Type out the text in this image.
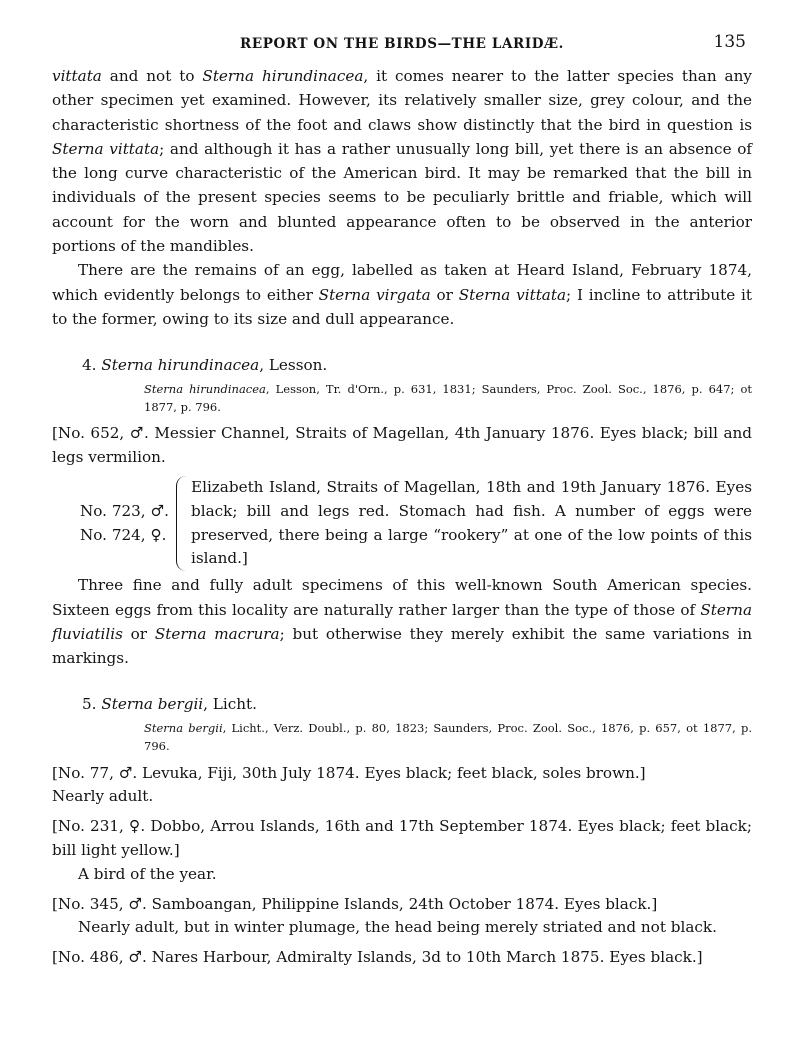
REPORT ON THE BIRDS—THE LARIDÆ.	135

vittata and not to Sterna hirundinacea, it comes nearer to the latter species than any other specimen yet examined. However, its relatively smaller size, grey colour, and the characteristic shortness of the foot and claws show distinctly that the bird in question is Sterna vittata; and although it has a rather unusually long bill, yet there is an absence of the long curve characteristic of the American bird. It may be remarked that the bill in individuals of the present species seems to be peculiarly brittle and friable, which will account for the worn and blunted appearance often to be observed in the anterior portions of the mandibles.

There are the remains of an egg, labelled as taken at Heard Island, February 1874, which evidently belongs to either Sterna virgata or Sterna vittata; I incline to attribute it to the former, owing to its size and dull appearance.

4. Sterna hirundinacea, Lesson.
Sterna hirundinacea, Lesson, Tr. d'Orn., p. 631, 1831; Saunders, Proc. Zool. Soc., 1876, p. 647; ot 1877, p. 796.
[No. 652, ♂. Messier Channel, Straits of Magellan, 4th January 1876. Eyes black; bill and legs vermilion.
No. 723, ♂.
No. 724, ♀.
Elizabeth Island, Straits of Magellan, 18th and 19th January 1876. Eyes black; bill and legs red. Stomach had fish. A number of eggs were preserved, there being a large “rookery” at one of the low points of this island.]

Three fine and fully adult specimens of this well-known South American species. Sixteen eggs from this locality are naturally rather larger than the type of those of Sterna fluviatilis or Sterna macrura; but otherwise they merely exhibit the same variations in markings.

5. Sterna bergii, Licht.
Sterna bergii, Licht., Verz. Doubl., p. 80, 1823; Saunders, Proc. Zool. Soc., 1876, p. 657, ot 1877, p. 796.
[No. 77, ♂. Levuka, Fiji, 30th July 1874. Eyes black; feet black, soles brown.]
Nearly adult.
[No. 231, ♀. Dobbo, Arrou Islands, 16th and 17th September 1874. Eyes black; feet black; bill light yellow.]
A bird of the year.
[No. 345, ♂. Samboangan, Philippine Islands, 24th October 1874. Eyes black.]
Nearly adult, but in winter plumage, the head being merely striated and not black.
[No. 486, ♂. Nares Harbour, Admiralty Islands, 3d to 10th March 1875. Eyes black.]
